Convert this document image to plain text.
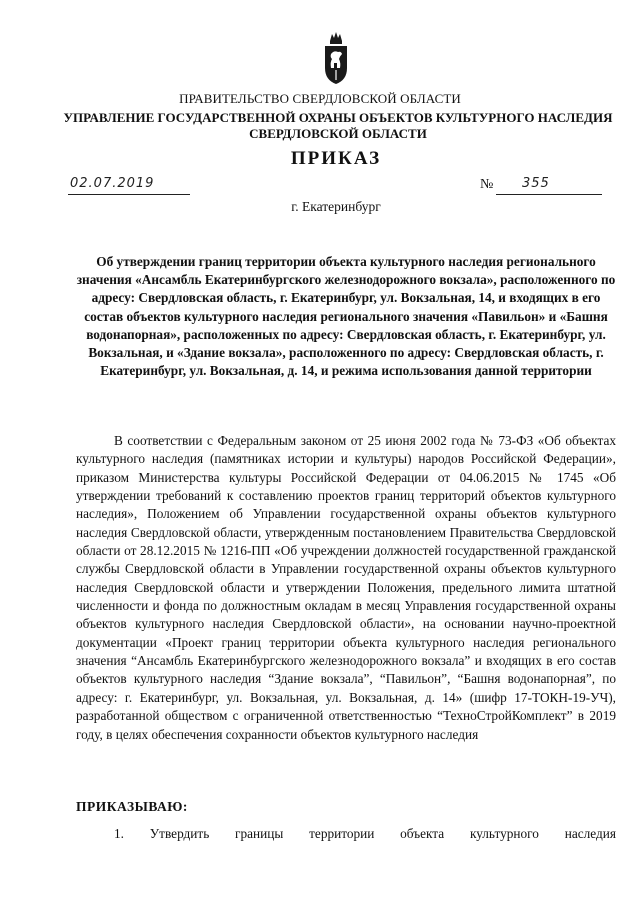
ПРАВИТЕЛЬСТВО СВЕРДЛОВСКОЙ ОБЛАСТИ
УПРАВЛЕНИЕ ГОСУДАРСТВЕННОЙ ОХРАНЫ ОБЪЕКТОВ КУЛЬТУРНОГО НАСЛЕДИЯ СВЕРДЛОВСКОЙ ОБЛАСТИ
ПРИКАЗ
02.07.2019	№ 355
г. Екатеринбург
Об утверждении границ территории объекта культурного наследия регионального значения «Ансамбль Екатеринбургского железнодорожного вокзала», расположенного по адресу: Свердловская область, г. Екатеринбург, ул. Вокзальная, 14, и входящих в его состав объектов культурного наследия регионального значения «Павильон» и «Башня водонапорная», расположенных по адресу: Свердловская область, г. Екатеринбург, ул. Вокзальная, и «Здание вокзала», расположенного по адресу: Свердловская область, г. Екатеринбург, ул. Вокзальная, д. 14, и режима использования данной территории
В соответствии с Федеральным законом от 25 июня 2002 года № 73-ФЗ «Об объектах культурного наследия (памятниках истории и культуры) народов Российской Федерации», приказом Министерства культуры Российской Федерации от 04.06.2015 № 1745 «Об утверждении требований к составлению проектов границ территорий объектов культурного наследия», Положением об Управлении государственной охраны объектов культурного наследия Свердловской области, утвержденным постановлением Правительства Свердловской области от 28.12.2015 № 1216-ПП «Об учреждении должностей государственной гражданской службы Свердловской области в Управлении государственной охраны объектов культурного наследия Свердловской области и утверждении Положения, предельного лимита штатной численности и фонда по должностным окладам в месяц Управления государственной охраны объектов культурного наследия Свердловской области», на основании научно-проектной документации «Проект границ территории объекта культурного наследия регионального значения “Ансамбль Екатеринбургского железнодорожного вокзала” и входящих в его состав объектов культурного наследия “Здание вокзала”, “Павильон”, “Башня водонапорная”, по адресу: г. Екатеринбург, ул. Вокзальная, ул. Вокзальная, д. 14» (шифр 17-ТОКН-19-УЧ), разработанной обществом с ограниченной ответственностью “ТехноСтройКомплект” в 2019 году, в целях обеспечения сохранности объектов культурного наследия
ПРИКАЗЫВАЮ:
1. Утвердить границы территории объекта культурного наследия
